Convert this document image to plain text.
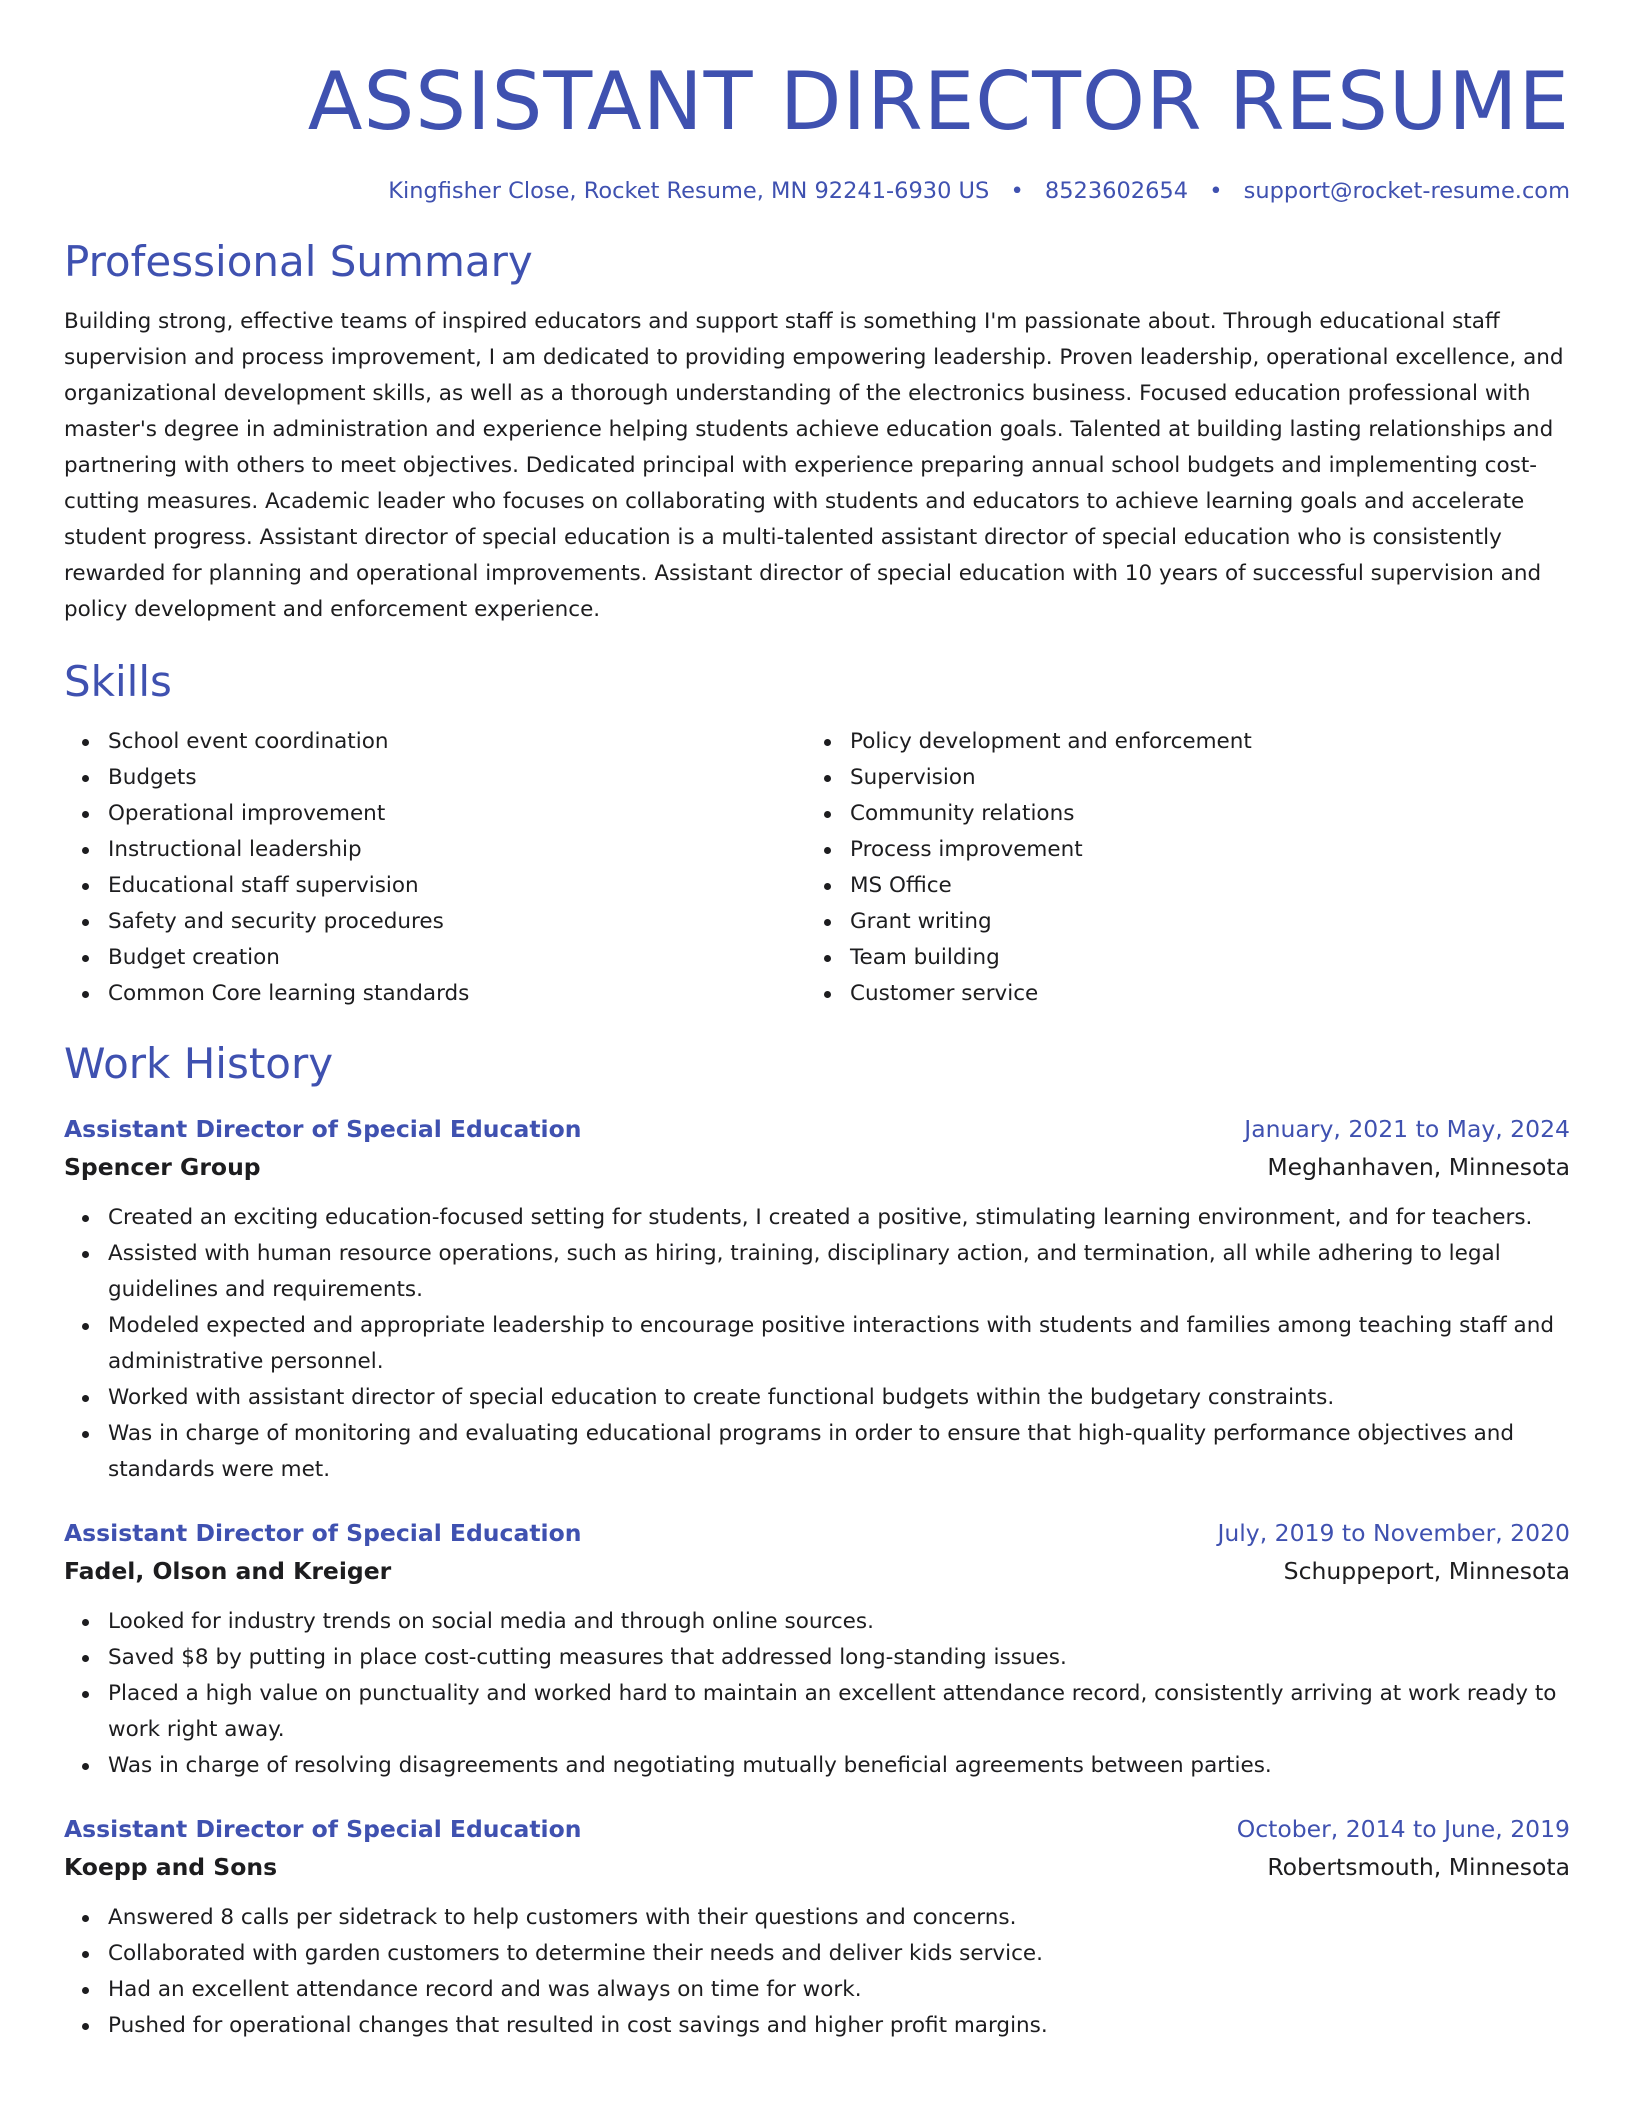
ASSISTANT DIRECTOR RESUME
Kingfisher Close, Rocket Resume, MN 92241-6930 US • 8523602654 • support@rocket-resume.com
Professional Summary

Building strong, effective teams of inspired educators and support staff is something I'm passionate about. Through educational staff supervision and process improvement, I am dedicated to providing empowering leadership. Proven leadership, operational excellence, and organizational development skills, as well as a thorough understanding of the electronics business. Focused education professional with master's degree in administration and experience helping students achieve education goals. Talented at building lasting relationships and partnering with others to meet objectives. Dedicated principal with experience preparing annual school budgets and implementing cost-cutting measures. Academic leader who focuses on collaborating with students and educators to achieve learning goals and accelerate student progress. Assistant director of special education is a multi-talented assistant director of special education who is consistently rewarded for planning and operational improvements. Assistant director of special education with 10 years of successful supervision and policy development and enforcement experience.

Skills
School event coordination
Budgets
Operational improvement
Instructional leadership
Educational staff supervision
Safety and security procedures
Budget creation
Common Core learning standards
Policy development and enforcement
Supervision
Community relations
Process improvement
MS Office
Grant writing
Team building
Customer service
Work History
Assistant Director of Special Education	January, 2021 to May, 2024
Spencer Group	Meghanhaven, Minnesota
Created an exciting education-focused setting for students, I created a positive, stimulating learning environment, and for teachers.
Assisted with human resource operations, such as hiring, training, disciplinary action, and termination, all while adhering to legal guidelines and requirements.
Modeled expected and appropriate leadership to encourage positive interactions with students and families among teaching staff and administrative personnel.
Worked with assistant director of special education to create functional budgets within the budgetary constraints.
Was in charge of monitoring and evaluating educational programs in order to ensure that high-quality performance objectives and standards were met.
Assistant Director of Special Education	July, 2019 to November, 2020
Fadel, Olson and Kreiger	Schuppeport, Minnesota
Looked for industry trends on social media and through online sources.
Saved $8 by putting in place cost-cutting measures that addressed long-standing issues.
Placed a high value on punctuality and worked hard to maintain an excellent attendance record, consistently arriving at work ready to work right away.
Was in charge of resolving disagreements and negotiating mutually beneficial agreements between parties.
Assistant Director of Special Education	October, 2014 to June, 2019
Koepp and Sons	Robertsmouth, Minnesota
Answered 8 calls per sidetrack to help customers with their questions and concerns.
Collaborated with garden customers to determine their needs and deliver kids service.
Had an excellent attendance record and was always on time for work.
Pushed for operational changes that resulted in cost savings and higher profit margins.
